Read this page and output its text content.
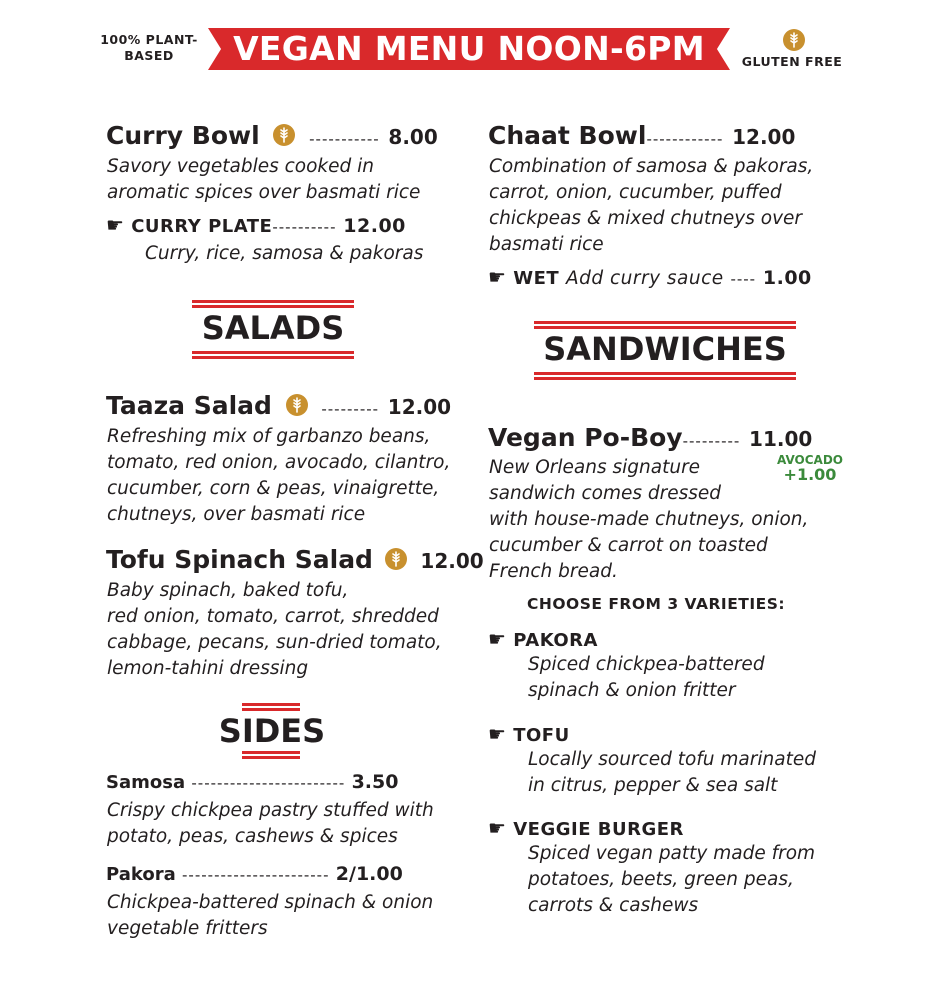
100% PLANT-BASED	VEGAN MENU NOON-6PM	GLUTEN FREE
Curry Bowl	----------- 8.00
Savory vegetables cooked in
aromatic spices over basmati rice
☛ CURRY PLATE---------- 12.00
Curry, rice, samosa & pakoras
SALADS
Taaza Salad	--------- 12.00
Refreshing mix of garbanzo beans,
tomato, red onion, avocado, cilantro,
cucumber, corn & peas, vinaigrette,
chutneys, over basmati rice
Tofu Spinach Salad 12.00
Baby spinach, baked tofu,
red onion, tomato, carrot, shredded
cabbage, pecans, sun-dried tomato,
lemon-tahini dressing
SIDES
Samosa ------------------------ 3.50
Crispy chickpea pastry stuffed with
potato, peas, cashews & spices
Pakora ----------------------- 2/1.00
Chickpea-battered spinach & onion
vegetable fritters
Chaat Bowl------------ 12.00
Combination of samosa & pakoras,
carrot, onion, cucumber, puffed
chickpeas & mixed chutneys over
basmati rice
☛ WET Add curry sauce ---- 1.00
SANDWICHES
Vegan Po-Boy--------- 11.00
AVOCADO
+1.00
New Orleans signature
sandwich comes dressed
with house-made chutneys, onion,
cucumber & carrot on toasted
French bread.
CHOOSE FROM 3 VARIETIES:
☛ PAKORA
Spiced chickpea-battered
spinach & onion fritter
☛ TOFU
Locally sourced tofu marinated
in citrus, pepper & sea salt
☛ VEGGIE BURGER
Spiced vegan patty made from
potatoes, beets, green peas,
carrots & cashews
